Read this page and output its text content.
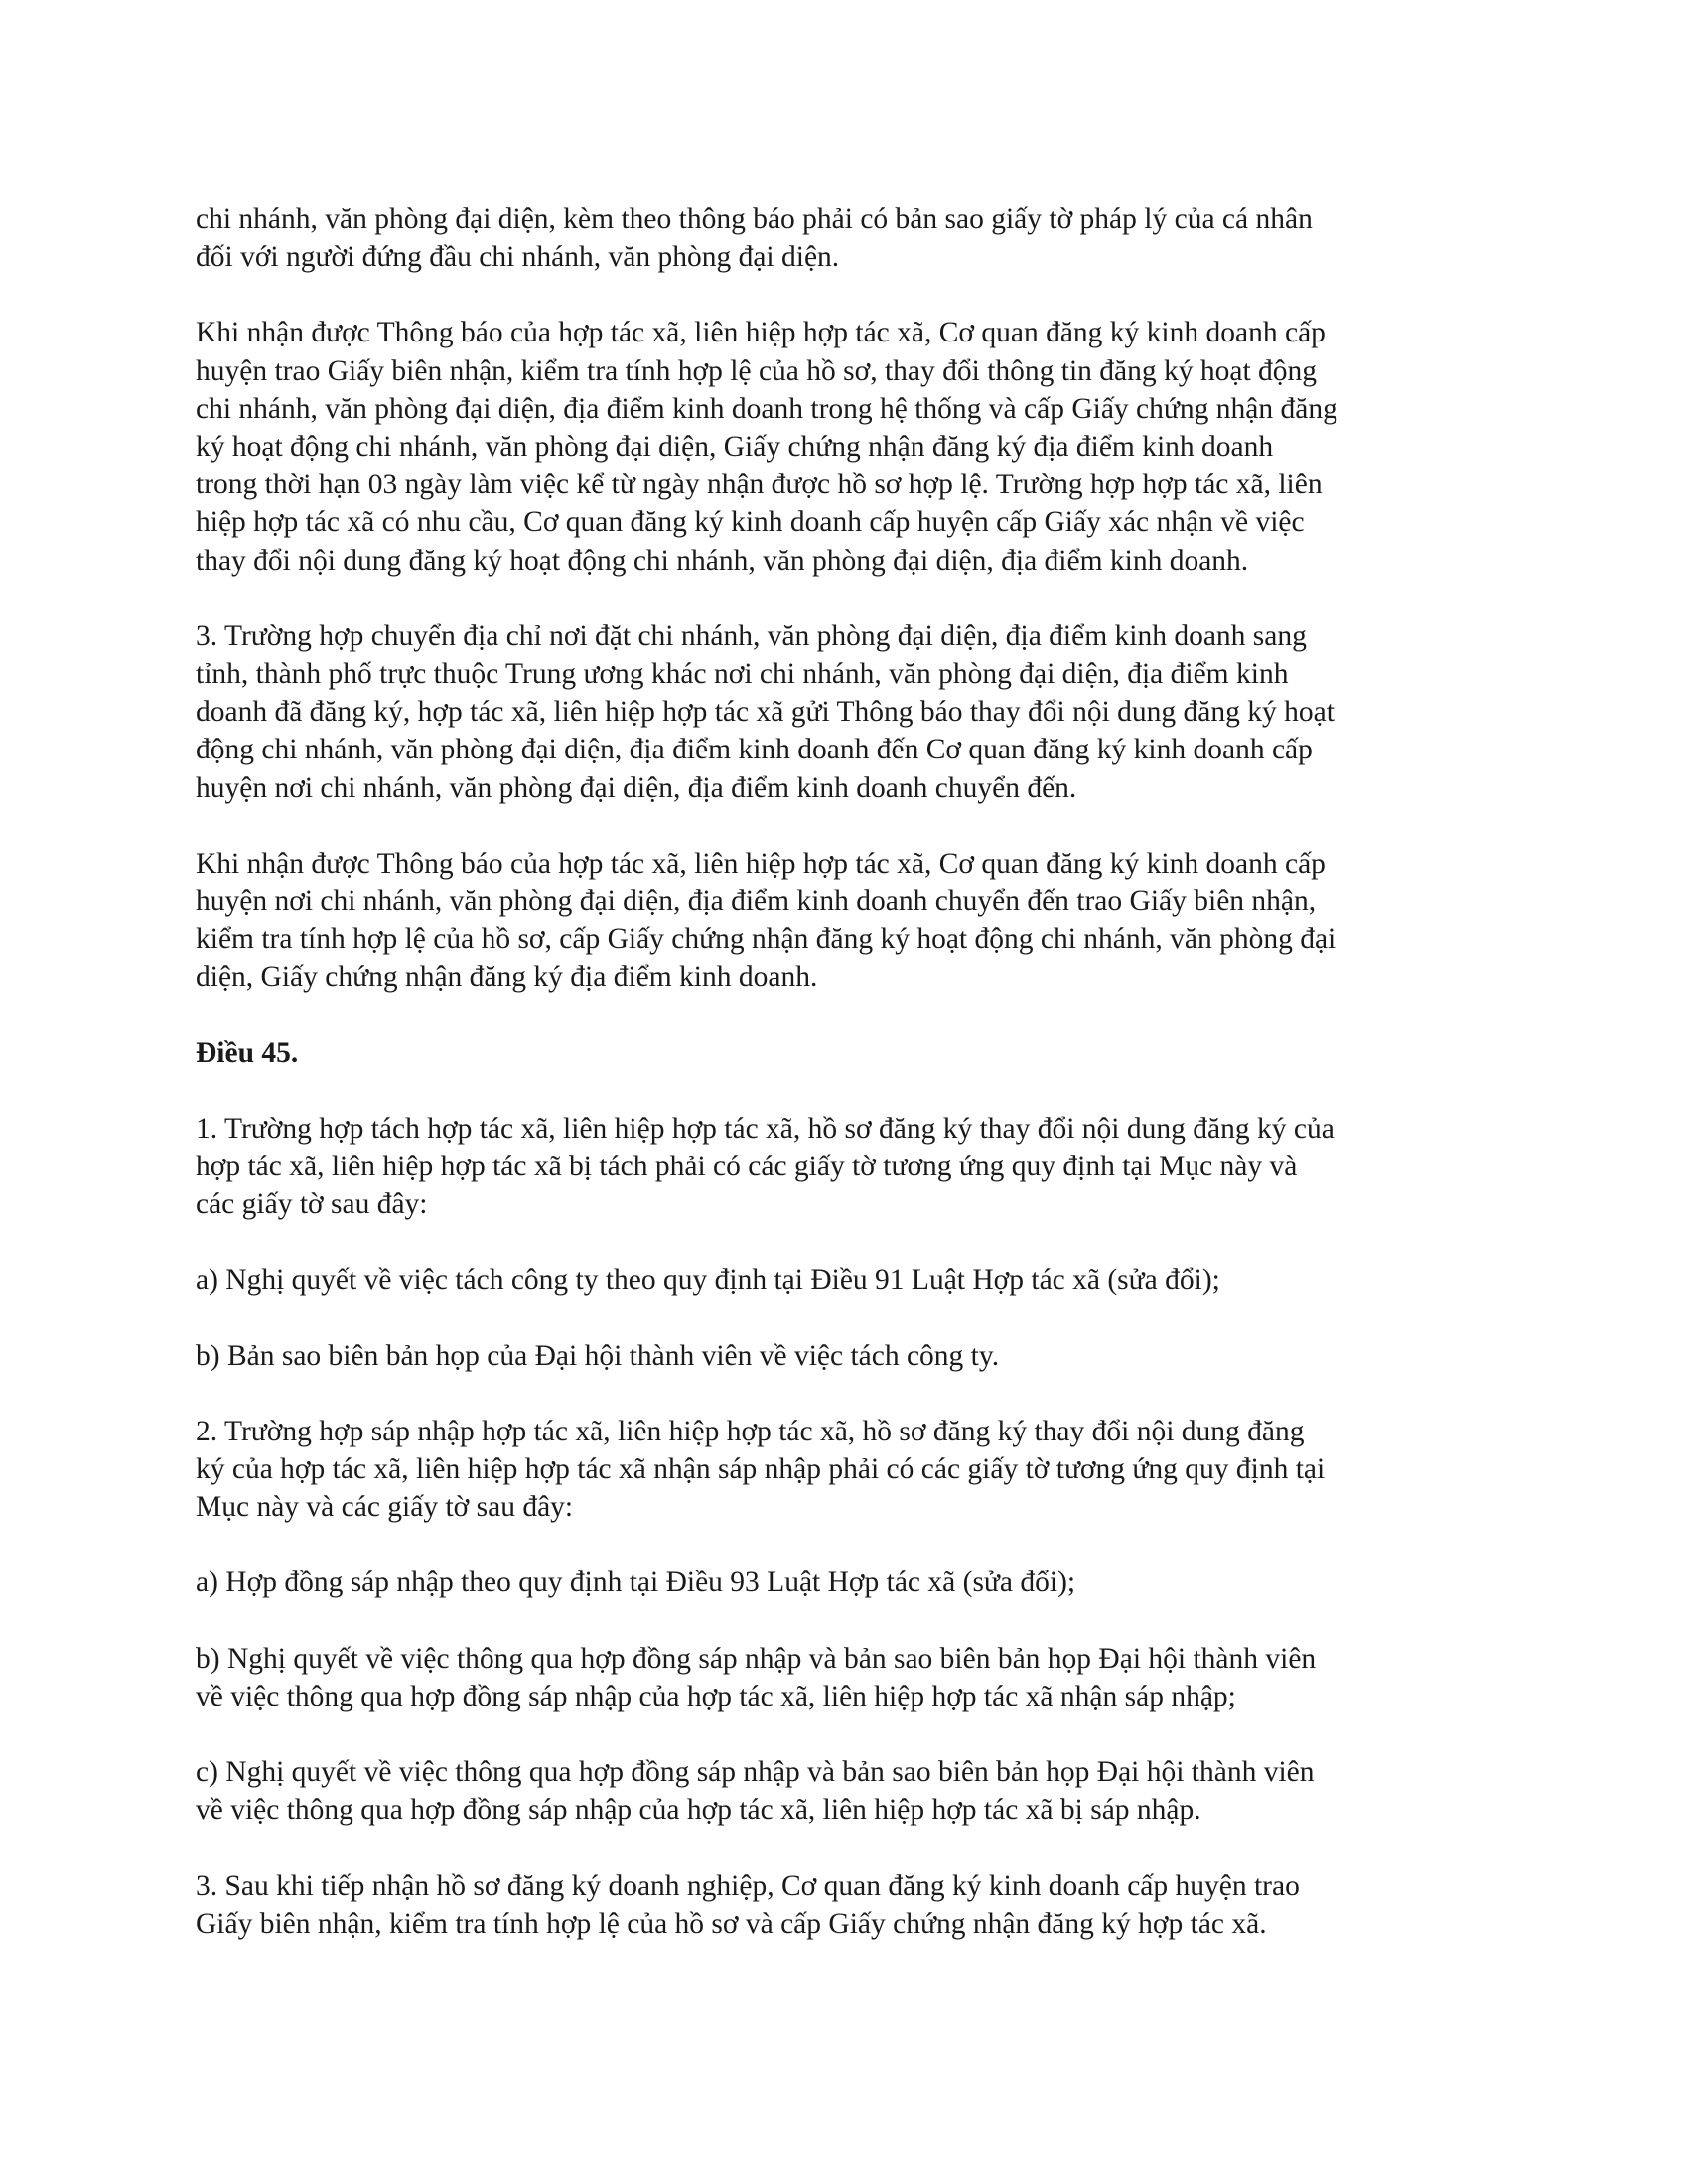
chi nhánh, văn phòng đại diện, kèm theo thông báo phải có bản sao giấy tờ pháp lý của cá nhân
đối với người đứng đầu chi nhánh, văn phòng đại diện.

Khi nhận được Thông báo của hợp tác xã, liên hiệp hợp tác xã, Cơ quan đăng ký kinh doanh cấp
huyện trao Giấy biên nhận, kiểm tra tính hợp lệ của hồ sơ, thay đổi thông tin đăng ký hoạt động
chi nhánh, văn phòng đại diện, địa điểm kinh doanh trong hệ thống và cấp Giấy chứng nhận đăng
ký hoạt động chi nhánh, văn phòng đại diện, Giấy chứng nhận đăng ký địa điểm kinh doanh
trong thời hạn 03 ngày làm việc kể từ ngày nhận được hồ sơ hợp lệ. Trường hợp hợp tác xã, liên
hiệp hợp tác xã có nhu cầu, Cơ quan đăng ký kinh doanh cấp huyện cấp Giấy xác nhận về việc
thay đổi nội dung đăng ký hoạt động chi nhánh, văn phòng đại diện, địa điểm kinh doanh.

3. Trường hợp chuyển địa chỉ nơi đặt chi nhánh, văn phòng đại diện, địa điểm kinh doanh sang
tỉnh, thành phố trực thuộc Trung ương khác nơi chi nhánh, văn phòng đại diện, địa điểm kinh
doanh đã đăng ký, hợp tác xã, liên hiệp hợp tác xã gửi Thông báo thay đổi nội dung đăng ký hoạt
động chi nhánh, văn phòng đại diện, địa điểm kinh doanh đến Cơ quan đăng ký kinh doanh cấp
huyện nơi chi nhánh, văn phòng đại diện, địa điểm kinh doanh chuyển đến.

Khi nhận được Thông báo của hợp tác xã, liên hiệp hợp tác xã, Cơ quan đăng ký kinh doanh cấp
huyện nơi chi nhánh, văn phòng đại diện, địa điểm kinh doanh chuyển đến trao Giấy biên nhận,
kiểm tra tính hợp lệ của hồ sơ, cấp Giấy chứng nhận đăng ký hoạt động chi nhánh, văn phòng đại
diện, Giấy chứng nhận đăng ký địa điểm kinh doanh.

Điều 45.

1. Trường hợp tách hợp tác xã, liên hiệp hợp tác xã, hồ sơ đăng ký thay đổi nội dung đăng ký của
hợp tác xã, liên hiệp hợp tác xã bị tách phải có các giấy tờ tương ứng quy định tại Mục này và
các giấy tờ sau đây:

a) Nghị quyết về việc tách công ty theo quy định tại Điều 91 Luật Hợp tác xã (sửa đổi);

b) Bản sao biên bản họp của Đại hội thành viên về việc tách công ty.

2. Trường hợp sáp nhập hợp tác xã, liên hiệp hợp tác xã, hồ sơ đăng ký thay đổi nội dung đăng
ký của hợp tác xã, liên hiệp hợp tác xã nhận sáp nhập phải có các giấy tờ tương ứng quy định tại
Mục này và các giấy tờ sau đây:

a) Hợp đồng sáp nhập theo quy định tại Điều 93 Luật Hợp tác xã (sửa đổi);

b) Nghị quyết về việc thông qua hợp đồng sáp nhập và bản sao biên bản họp Đại hội thành viên
về việc thông qua hợp đồng sáp nhập của hợp tác xã, liên hiệp hợp tác xã nhận sáp nhập;

c) Nghị quyết về việc thông qua hợp đồng sáp nhập và bản sao biên bản họp Đại hội thành viên
về việc thông qua hợp đồng sáp nhập của hợp tác xã, liên hiệp hợp tác xã bị sáp nhập.

3. Sau khi tiếp nhận hồ sơ đăng ký doanh nghiệp, Cơ quan đăng ký kinh doanh cấp huyện trao
Giấy biên nhận, kiểm tra tính hợp lệ của hồ sơ và cấp Giấy chứng nhận đăng ký hợp tác xã.
